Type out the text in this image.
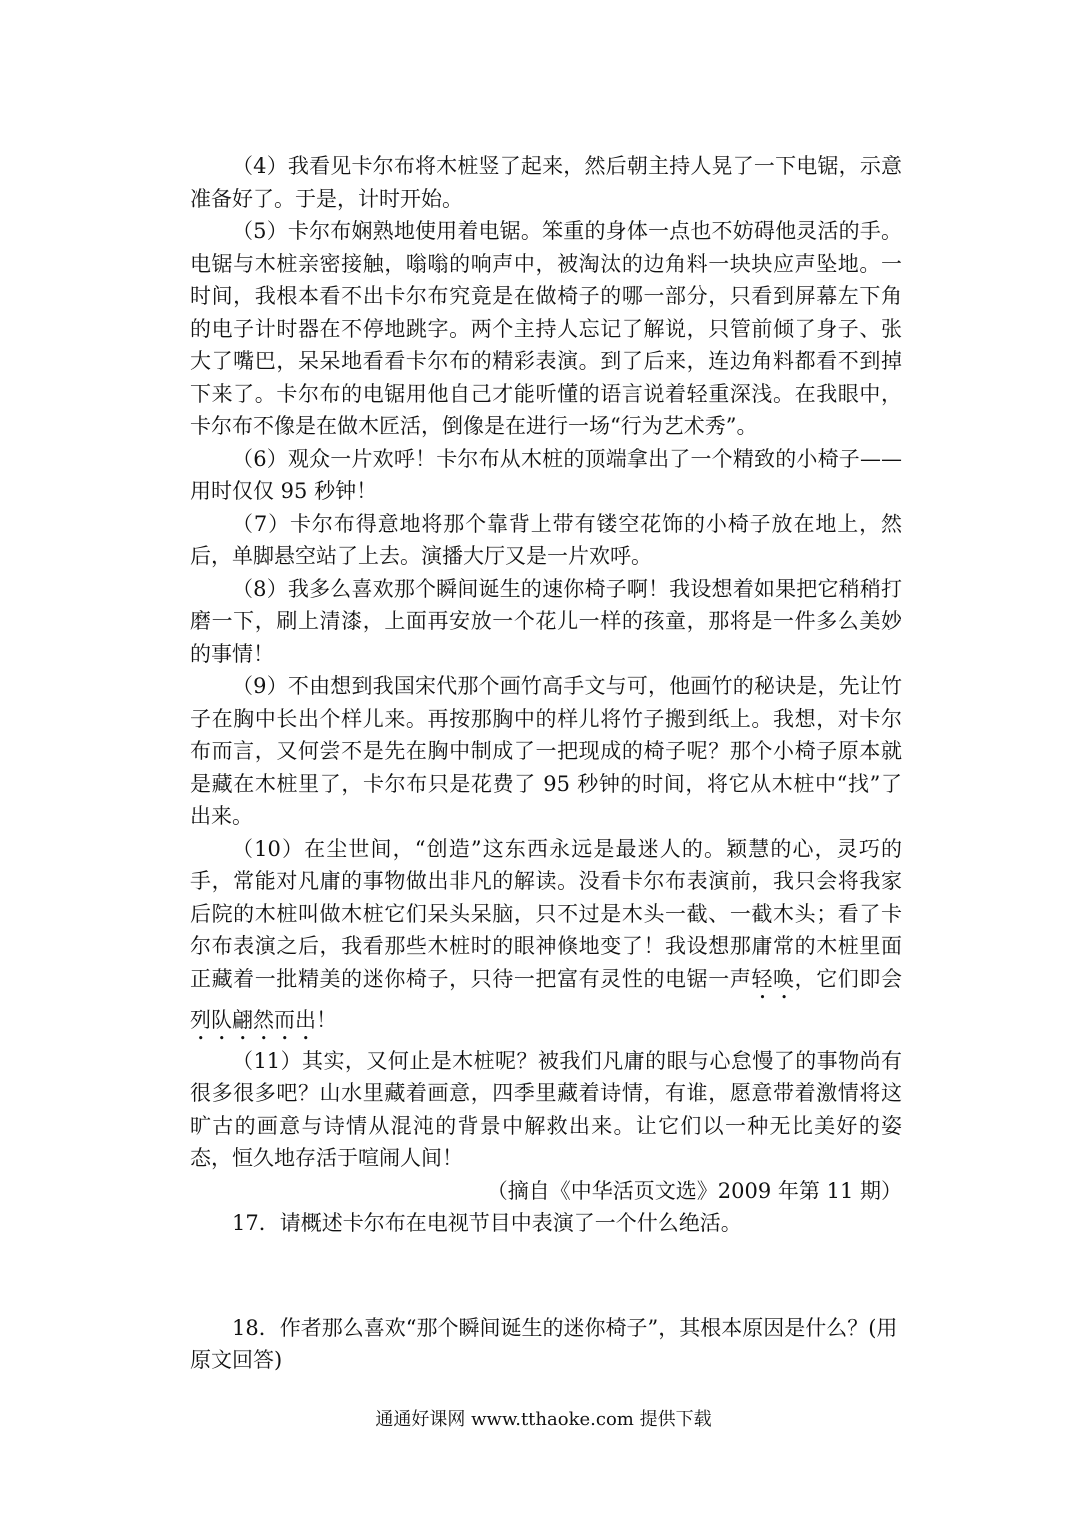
（4）我看见卡尔布将木桩竖了起来，然后朝主持人晃了一下电锯，示意准备好了。于是，计时开始。

（5）卡尔布娴熟地使用着电锯。笨重的身体一点也不妨碍他灵活的手。电锯与木桩亲密接触，嗡嗡的响声中，被淘汰的边角料一块块应声坠地。一时间，我根本看不出卡尔布究竟是在做椅子的哪一部分，只看到屏幕左下角的电子计时器在不停地跳字。两个主持人忘记了解说，只管前倾了身子、张大了嘴巴，呆呆地看看卡尔布的精彩表演。到了后来，连边角料都看不到掉下来了。卡尔布的电锯用他自己才能听懂的语言说着轻重深浅。在我眼中，卡尔布不像是在做木匠活，倒像是在进行一场“行为艺术秀”。

（6）观众一片欢呼！卡尔布从木桩的顶端拿出了一个精致的小椅子——用时仅仅 95 秒钟！

（7）卡尔布得意地将那个靠背上带有镂空花饰的小椅子放在地上，然后，单脚悬空站了上去。演播大厅又是一片欢呼。

（8）我多么喜欢那个瞬间诞生的速你椅子啊！我设想着如果把它稍稍打磨一下，刷上清漆，上面再安放一个花儿一样的孩童，那将是一件多么美妙的事情！

（9）不由想到我国宋代那个画竹高手文与可，他画竹的秘诀是，先让竹子在胸中长出个样儿来。再按那胸中的样儿将竹子搬到纸上。我想，对卡尔布而言，又何尝不是先在胸中制成了一把现成的椅子呢？那个小椅子原本就是藏在木桩里了，卡尔布只是花费了 95 秒钟的时间，将它从木桩中“找”了出来。

（10）在尘世间，“创造”这东西永远是最迷人的。颖慧的心，灵巧的手，常能对凡庸的事物做出非凡的解读。没看卡尔布表演前，我只会将我家后院的木桩叫做木桩它们呆头呆脑，只不过是木头一截、一截木头；看了卡尔布表演之后，我看那些木桩时的眼神倏地变了！我设想那庸常的木桩里面正藏着一批精美的迷你椅子，只待一把富有灵性的电锯一声轻唤，它们即会列队翩然而出！

（11）其实，又何止是木桩呢？被我们凡庸的眼与心怠慢了的事物尚有很多很多吧？山水里藏着画意，四季里藏着诗情，有谁，愿意带着激情将这旷古的画意与诗情从混沌的背景中解救出来。让它们以一种无比美好的姿态，恒久地存活于喧闹人间！

（摘自《中华活页文选》2009 年第 11 期）

17．请概述卡尔布在电视节目中表演了一个什么绝活。

18．作者那么喜欢“那个瞬间诞生的迷你椅子”，其根本原因是什么？(用原文回答)

通通好课网 www.tthaoke.com 提供下载
